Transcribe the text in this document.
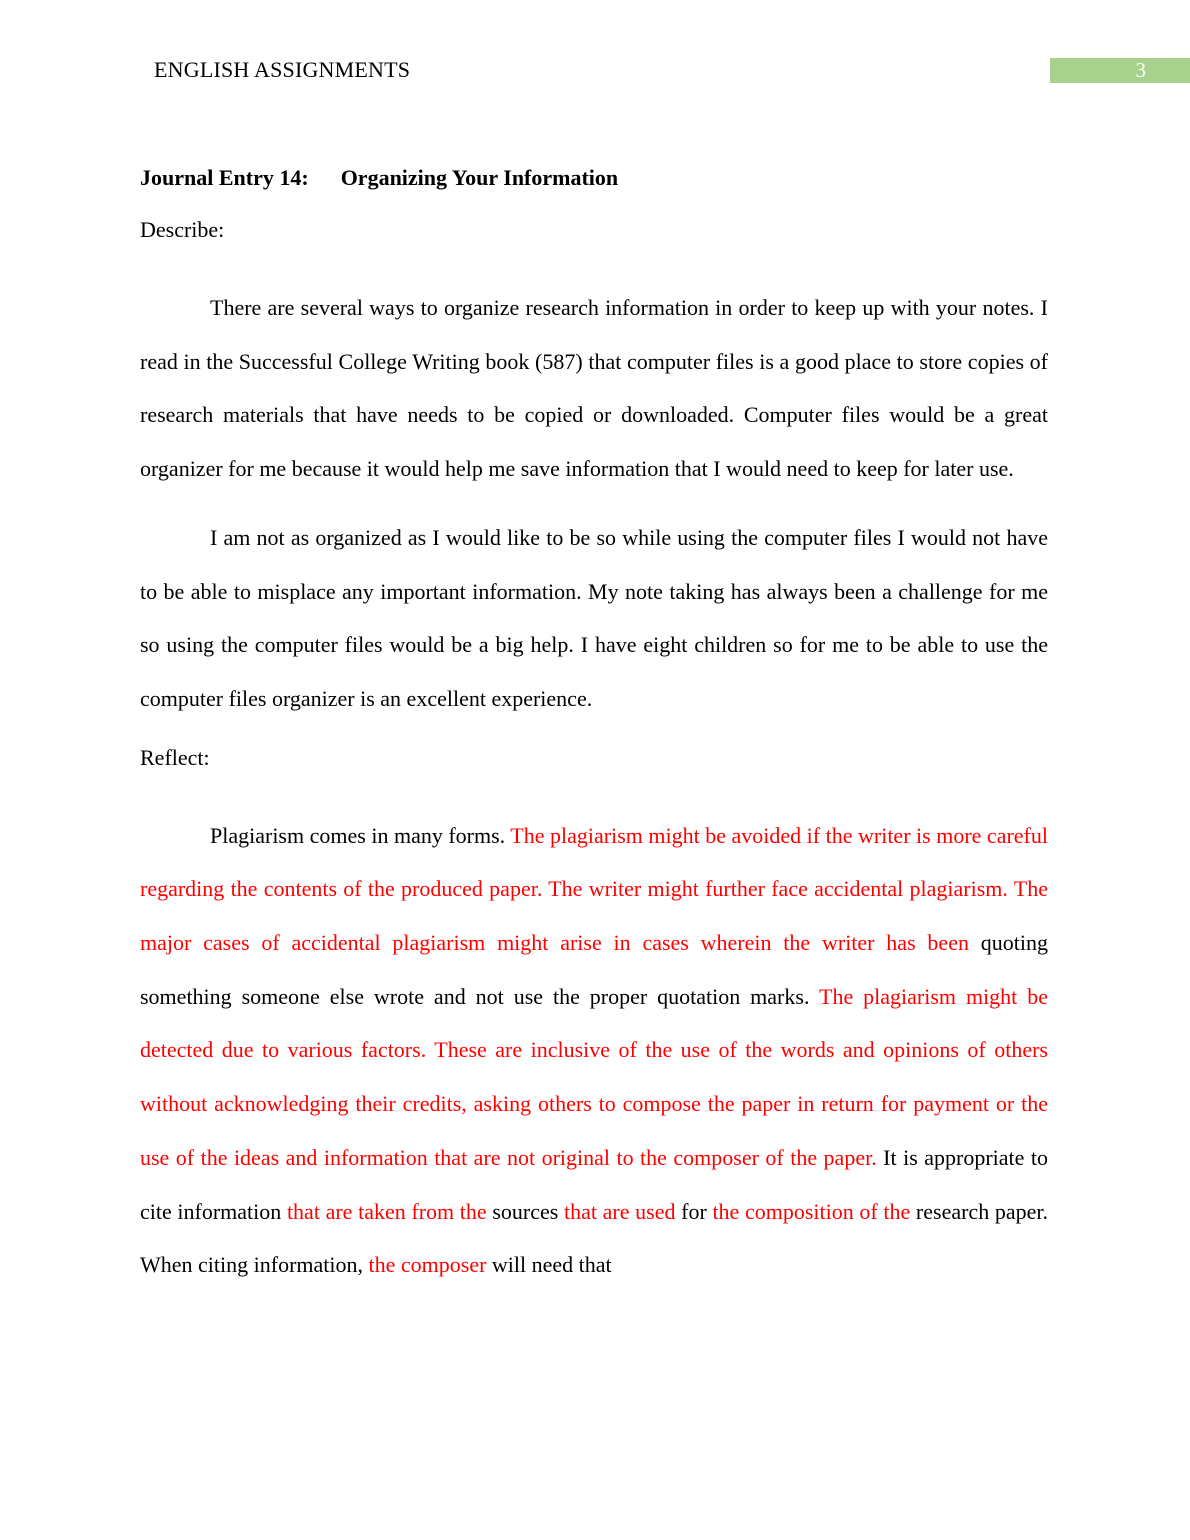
ENGLISH ASSIGNMENTS	3
Journal Entry 14: Organizing Your Information
Describe:

There are several ways to organize research information in order to keep up with your notes. I read in the Successful College Writing book (587) that computer files is a good place to store copies of research materials that have needs to be copied or downloaded. Computer files would be a great organizer for me because it would help me save information that I would need to keep for later use.

I am not as organized as I would like to be so while using the computer files I would not have to be able to misplace any important information. My note taking has always been a challenge for me so using the computer files would be a big help. I have eight children so for me to be able to use the computer files organizer is an excellent experience.

Reflect:

Plagiarism comes in many forms. The plagiarism might be avoided if the writer is more careful regarding the contents of the produced paper. The writer might further face accidental plagiarism. The major cases of accidental plagiarism might arise in cases wherein the writer has been quoting something someone else wrote and not use the proper quotation marks. The plagiarism might be detected due to various factors. These are inclusive of the use of the words and opinions of others without acknowledging their credits, asking others to compose the paper in return for payment or the use of the ideas and information that are not original to the composer of the paper. It is appropriate to cite information that are taken from the sources that are used for the composition of the research paper. When citing information, the composer will need that
